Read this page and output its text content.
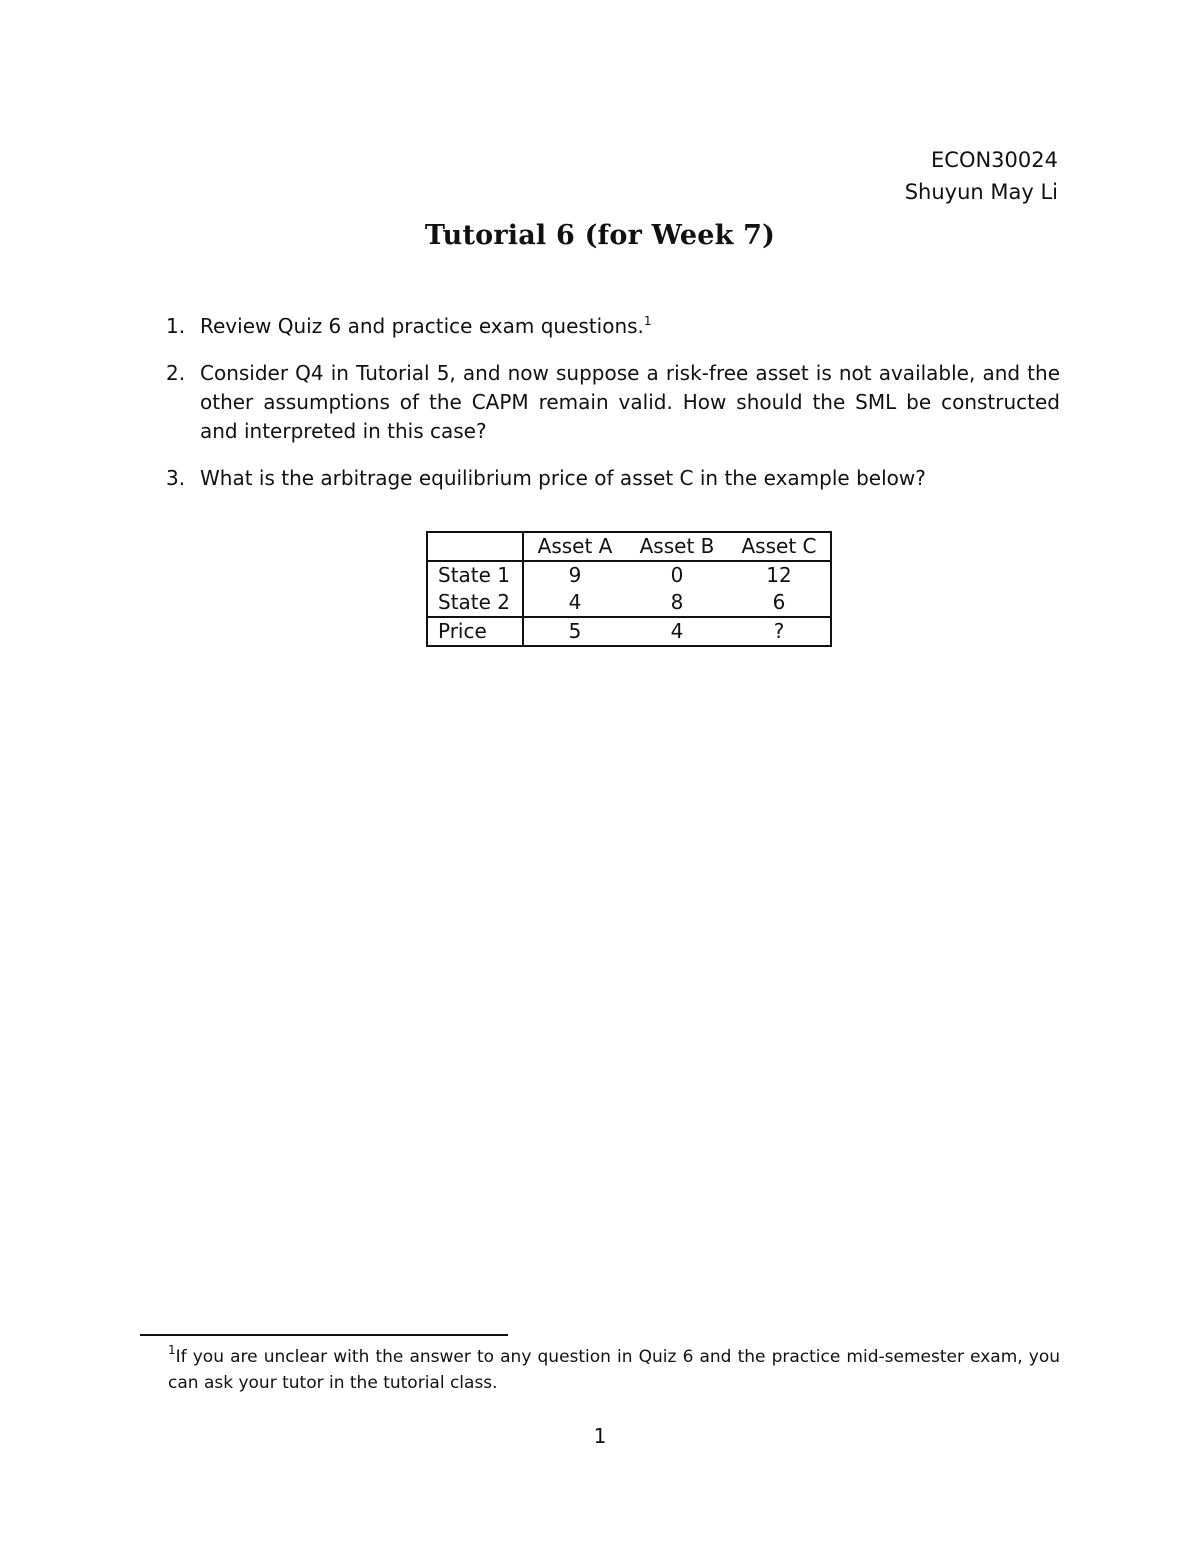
ECON30024
Shuyun May Li
Tutorial 6 (for Week 7)
1. Review Quiz 6 and practice exam questions.$^1$
2. Consider Q4 in Tutorial 5, and now suppose a risk-free asset is not available, and the other assumptions of the CAPM remain valid. How should the SML be constructed and interpreted in this case?
3. What is the arbitrage equilibrium price of asset C in the example below?
	Asset A	Asset B	Asset C
State 1	9	0	12
State 2	4	8	6
Price	5	4	?
$^1$If you are unclear with the answer to any question in Quiz 6 and the practice mid-semester exam, you can ask your tutor in the tutorial class.
1
